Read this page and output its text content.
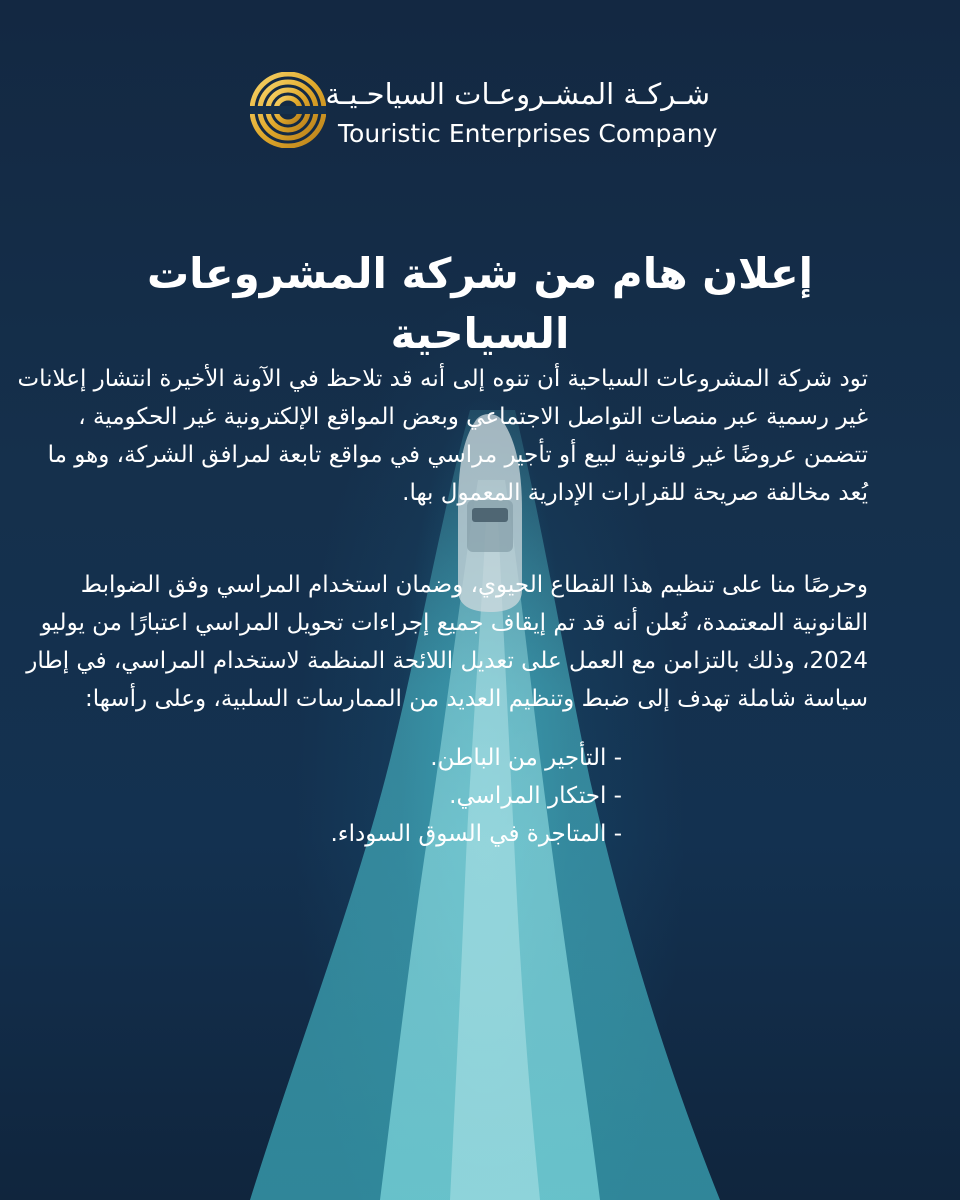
شـركـة المشـروعـات السياحـيـة
Touristic Enterprises Company
إعلان هام من شركة المشروعات السياحية

تود شركة المشروعات السياحية أن تنوه إلى أنه قد تلاحظ في الآونة الأخيرة انتشار إعلانات
غير رسمية عبر منصات التواصل الاجتماعي وبعض المواقع الإلكترونية غير الحكومية ،
تتضمن عروضًا غير قانونية لبيع أو تأجير مراسي في مواقع تابعة لمرافق الشركة، وهو ما
يُعد مخالفة صريحة للقرارات الإدارية المعمول بها.

وحرصًا منا على تنظيم هذا القطاع الحيوي، وضمان استخدام المراسي وفق الضوابط
القانونية المعتمدة، نُعلن أنه قد تم إيقاف جميع إجراءات تحويل المراسي اعتبارًا من يوليو
2024، وذلك بالتزامن مع العمل على تعديل اللائحة المنظمة لاستخدام المراسي، في إطار
سياسة شاملة تهدف إلى ضبط وتنظيم العديد من الممارسات السلبية، وعلى رأسها:

- التأجير من الباطن.
- احتكار المراسي.
- المتاجرة في السوق السوداء.
